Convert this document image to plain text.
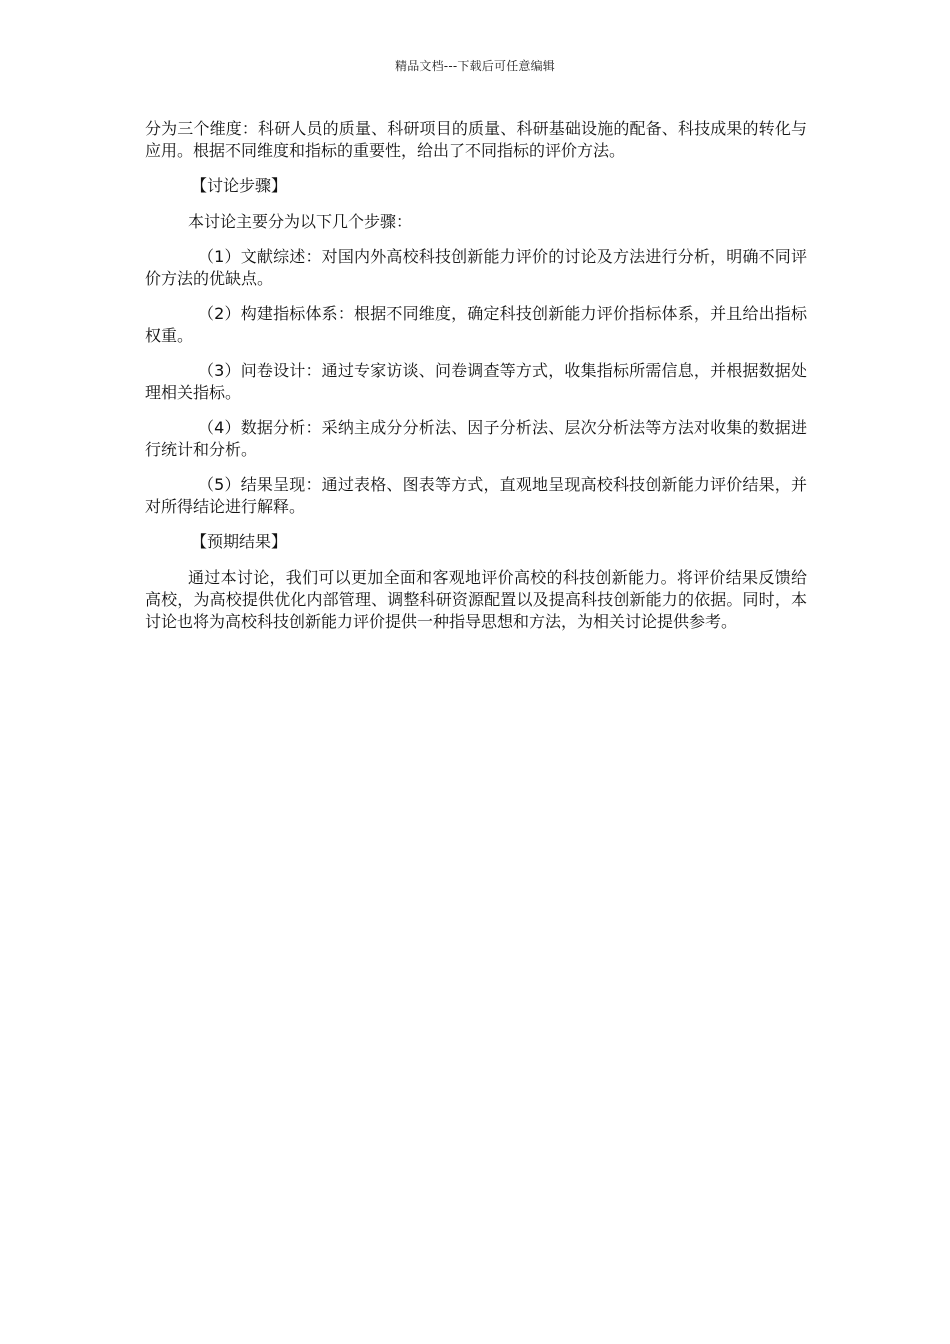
精品文档---下载后可任意编辑

分为三个维度：科研人员的质量、科研项目的质量、科研基础设施的配备、科技成果的转化与应用。根据不同维度和指标的重要性，给出了不同指标的评价方法。

【讨论步骤】

本讨论主要分为以下几个步骤：

（1）文献综述：对国内外高校科技创新能力评价的讨论及方法进行分析，明确不同评价方法的优缺点。

（2）构建指标体系：根据不同维度，确定科技创新能力评价指标体系，并且给出指标权重。

（3）问卷设计：通过专家访谈、问卷调查等方式，收集指标所需信息，并根据数据处理相关指标。

（4）数据分析：采纳主成分分析法、因子分析法、层次分析法等方法对收集的数据进行统计和分析。

（5）结果呈现：通过表格、图表等方式，直观地呈现高校科技创新能力评价结果，并对所得结论进行解释。

【预期结果】

通过本讨论，我们可以更加全面和客观地评价高校的科技创新能力。将评价结果反馈给高校，为高校提供优化内部管理、调整科研资源配置以及提高科技创新能力的依据。同时，本讨论也将为高校科技创新能力评价提供一种指导思想和方法，为相关讨论提供参考。
